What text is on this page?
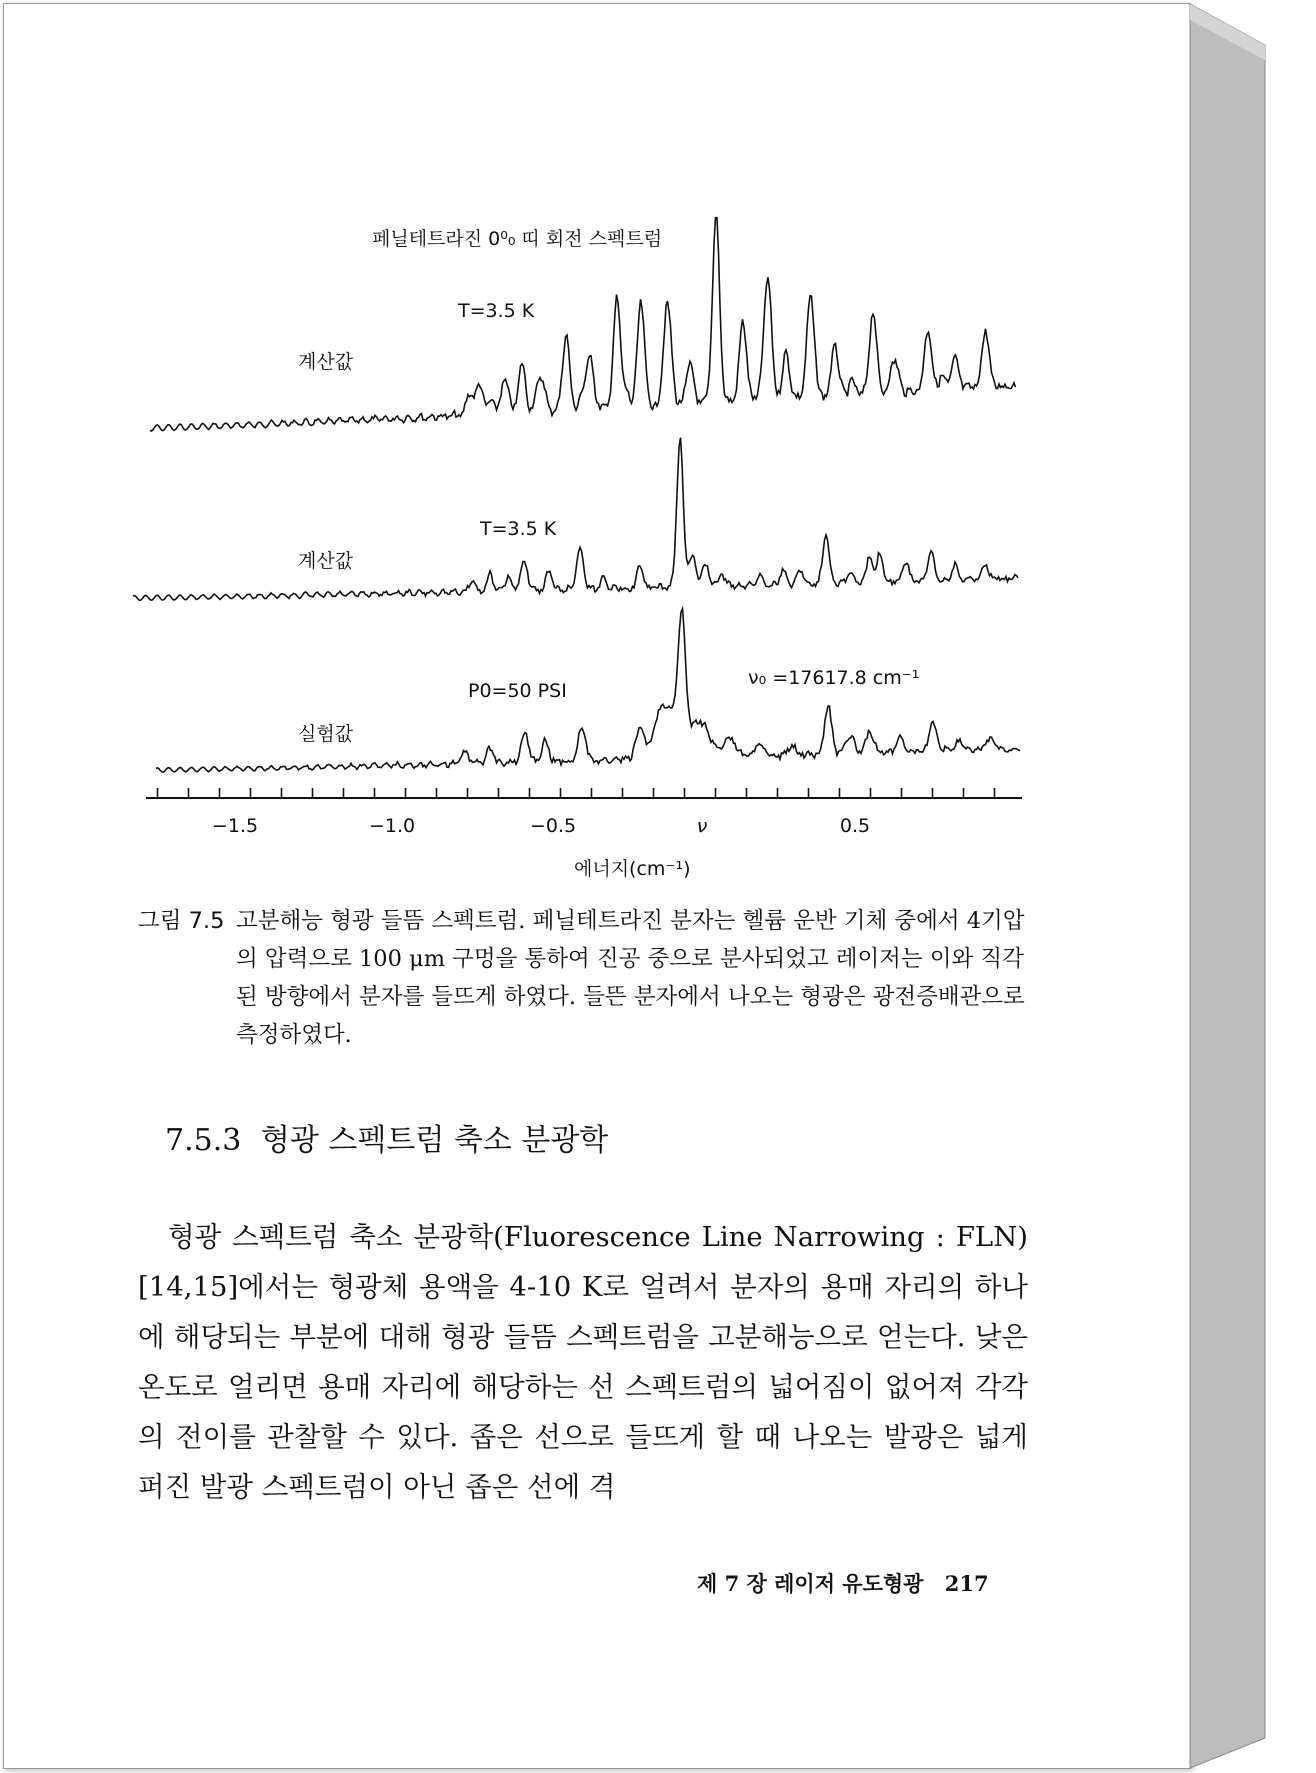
페닐테트라진 0⁰₀ 띠 회전 스펙트럼
T=3.5 K
계산값
T=3.5 K
계산값
P0=50 PSI
ν₀ =17617.8 cm⁻¹
실험값
−1.5	−1.0	−0.5	ν	0.5
에너지(cm⁻¹)
그림 7.5 고분해능 형광 들뜸 스펙트럼. 페닐테트라진 분자는 헬륨 운반 기체 중에서 4기압의 압력으로 100 μm 구멍을 통하여 진공 중으로 분사되었고 레이저는 이와 직각된 방향에서 분자를 들뜨게 하였다. 들뜬 분자에서 나오는 형광은 광전증배관으로 측정하였다.
7.5.3 형광 스펙트럼 축소 분광학
형광 스펙트럼 축소 분광학(Fluorescence Line Narrowing : FLN) [14,15]에서는 형광체 용액을 4-10 K로 얼려서 분자의 용매 자리의 하나에 해당되는 부분에 대해 형광 들뜸 스펙트럼을 고분해능으로 얻는다. 낮은 온도로 얼리면 용매 자리에 해당하는 선 스펙트럼의 넓어짐이 없어져 각각의 전이를 관찰할 수 있다. 좁은 선으로 들뜨게 할 때 나오는 발광은 넓게 퍼진 발광 스펙트럼이 아닌 좁은 선에 격
제 7 장 레이저 유도형광 217
